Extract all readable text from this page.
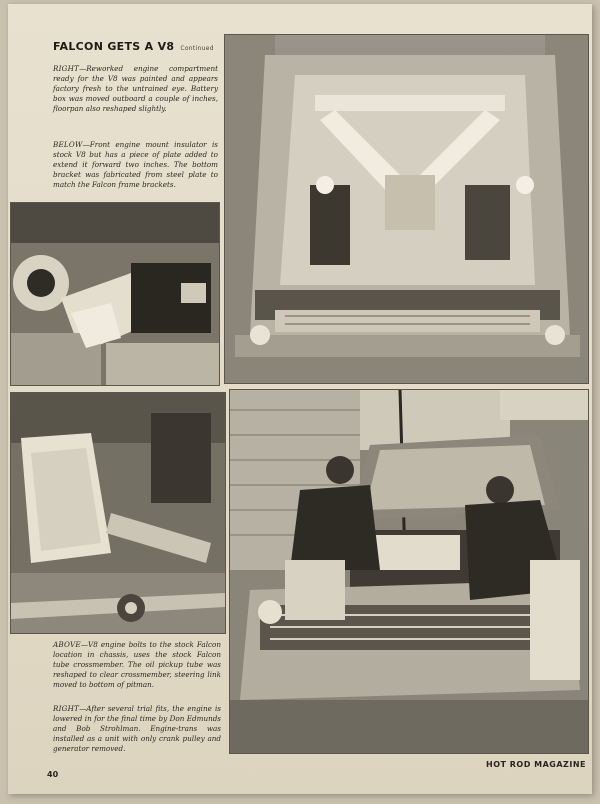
FALCON GETS A V8 Continued
RIGHT—Reworked engine compartment ready for the V8 was painted and appears factory fresh to the untrained eye. Battery box was moved outboard a couple of inches, floorpan also reshaped slightly.
BELOW—Front engine mount insulator is stock V8 but has a piece of plate added to extend it forward two inches. The bottom bracket was fabricated from steel plate to match the Falcon frame brackets.
ABOVE—V8 engine bolts to the stock Falcon location in chassis, uses the stock Falcon tube crossmember. The oil pickup tube was reshaped to clear crossmember, steering link moved to bottom of pitman.
RIGHT—After several trial fits, the engine is lowered in for the final time by Don Edmunds and Bob Strohlman. Engine-trans was installed as a unit with only crank pulley and generator removed.
40
HOT ROD MAGAZINE
